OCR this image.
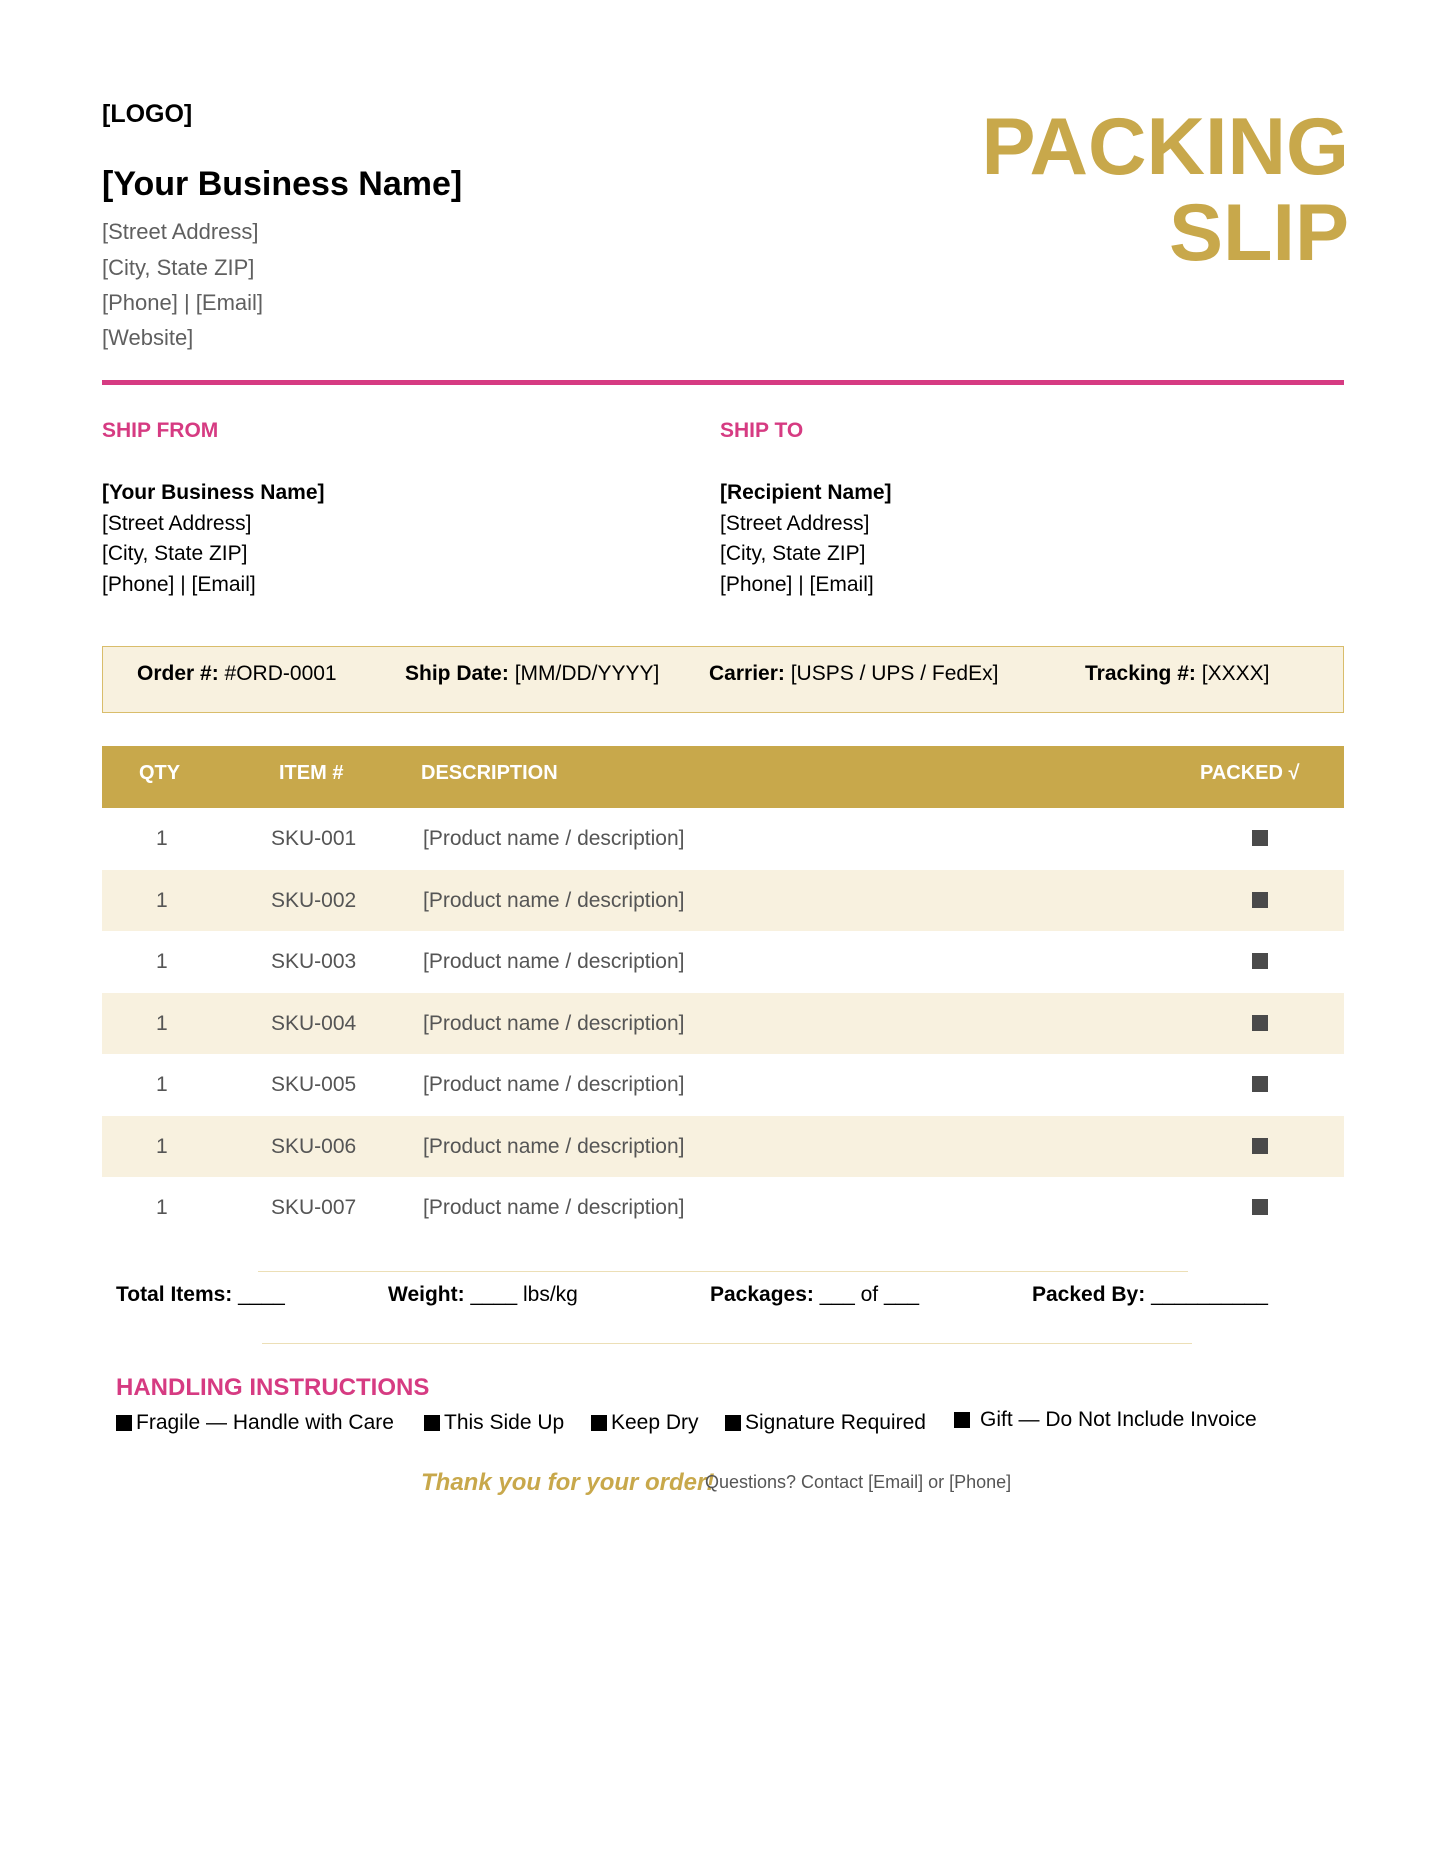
[LOGO]
[Your Business Name]
[Street Address]
[City, State ZIP]
[Phone] | [Email]
[Website]
PACKING
SLIP
SHIP FROM
[Your Business Name]
[Street Address]
[City, State ZIP]
[Phone] | [Email]
SHIP TO
[Recipient Name]
[Street Address]
[City, State ZIP]
[Phone] | [Email]
Order #: #ORD-0001	Ship Date: [MM/DD/YYYY] Carrier: [USPS / UPS / FedEx]	Tracking #: [XXXX]
QTY	ITEM #	DESCRIPTION	PACKED √
1	SKU-001	[Product name / description]
1	SKU-002	[Product name / description]
1	SKU-003	[Product name / description]
1	SKU-004	[Product name / description]
1	SKU-005	[Product name / description]
1	SKU-006	[Product name / description]
1	SKU-007	[Product name / description]
Total Items: ____	Weight: ____ lbs/kg	Packages: ___ of ___	Packed By: __________
HANDLING INSTRUCTIONS
Fragile — Handle with Care This Side Up Keep Dry Signature Required	Gift — Do Not Include Invoice
Thank you for your order!
Questions? Contact [Email] or [Phone]
